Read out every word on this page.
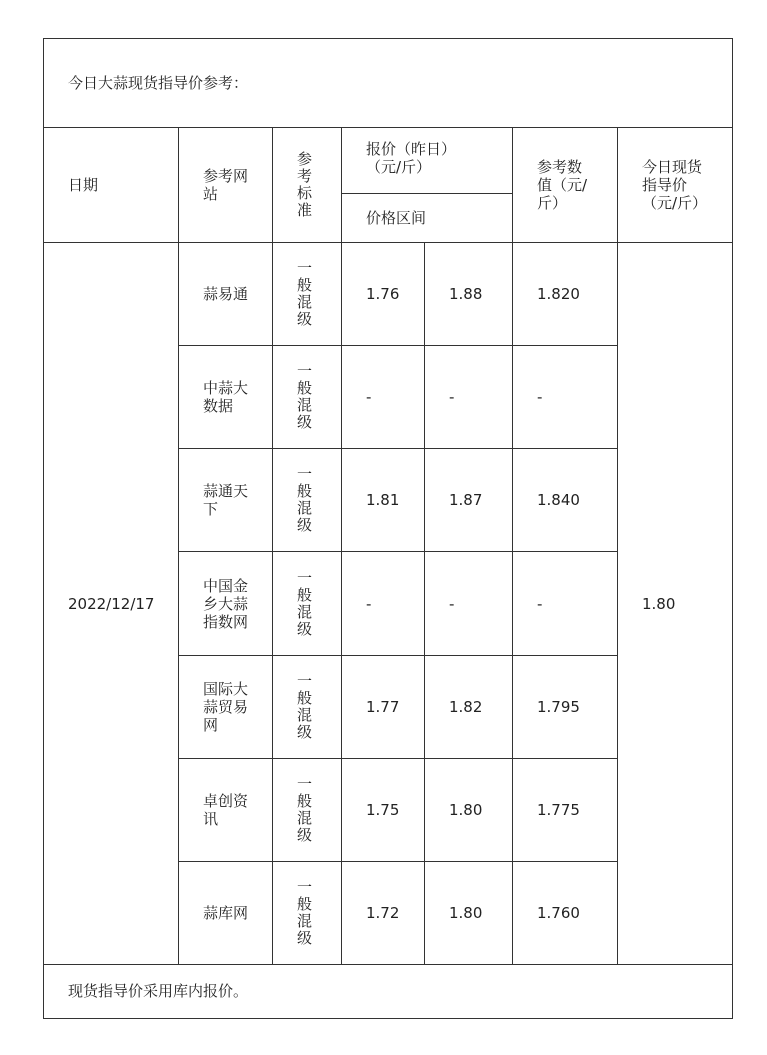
今日大蒜现货指导价参考：						
日期	参考网站	参考标准	报价（昨日）（元/斤）		参考数值（元/斤）	今日现货指导价（元/斤）
			价格区间			
2022/12/17	蒜易通	一般混级	1.76	1.88	1.820	1.80
	中蒜大数据	一般混级	-	-	-	
	蒜通天下	一般混级	1.81	1.87	1.840	
	中国金乡大蒜指数网	一般混级	-	-	-	
	国际大蒜贸易网	一般混级	1.77	1.82	1.795	
	卓创资讯	一般混级	1.75	1.80	1.775	
	蒜库网	一般混级	1.72	1.80	1.760	
现货指导价采用库内报价。						
